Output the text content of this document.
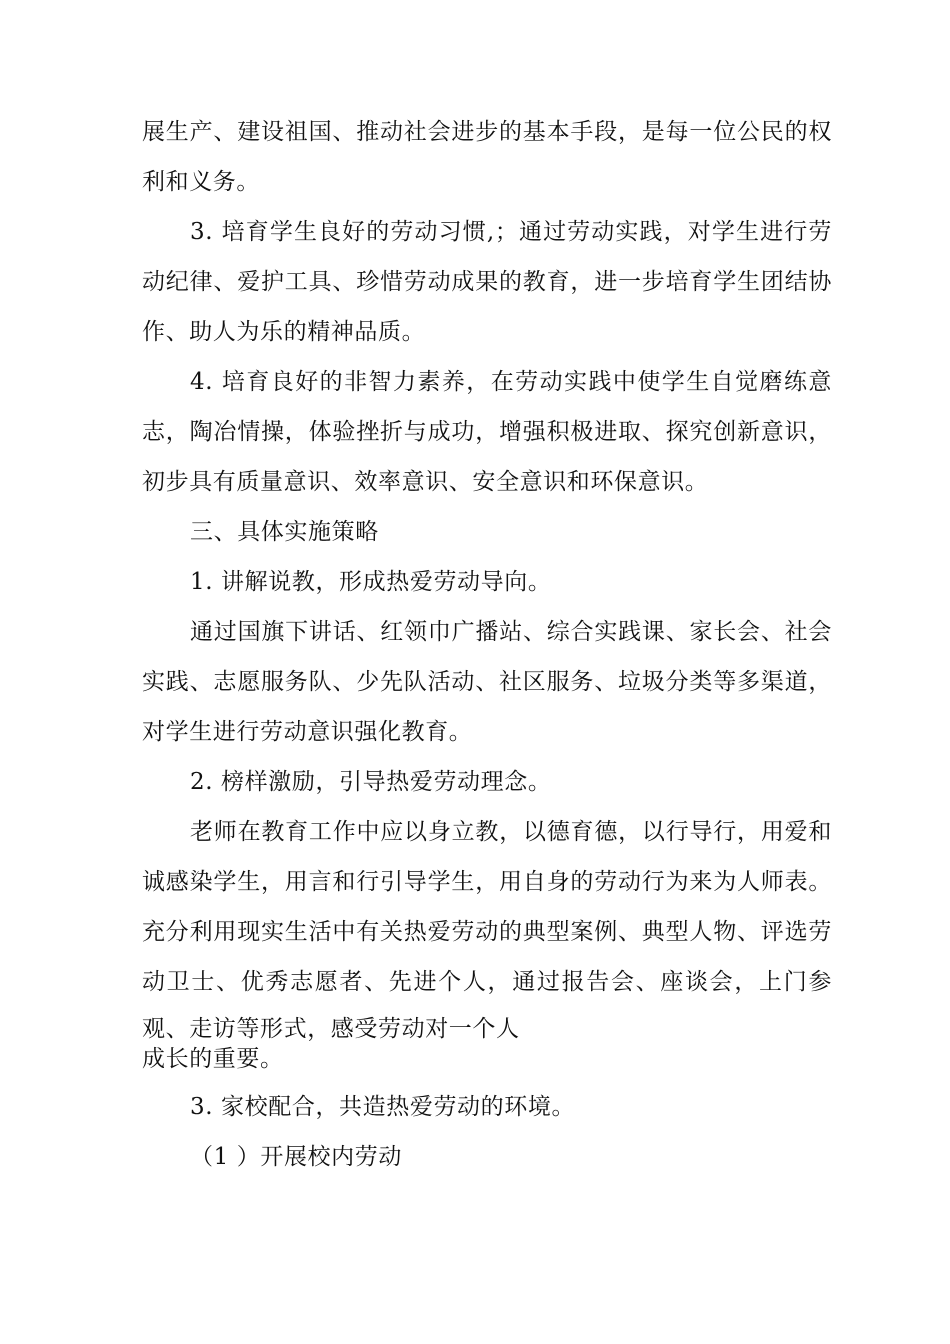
展生产、建设祖国、推动社会进步的基本手段，是每一位公民的权
利和义务。
3. 培育学生良好的劳动习惯,；通过劳动实践，对学生进行劳
动纪律、爱护工具、珍惜劳动成果的教育，进一步培育学生团结协
作、助人为乐的精神品质。
4. 培育良好的非智力素养，在劳动实践中使学生自觉磨练意
志，陶冶情操，体验挫折与成功，增强积极进取、探究创新意识，
初步具有质量意识、效率意识、安全意识和环保意识。
三、具体实施策略
1. 讲解说教，形成热爱劳动导向。
通过国旗下讲话、红领巾广播站、综合实践课、家长会、社会
实践、志愿服务队、少先队活动、社区服务、垃圾分类等多渠道，
对学生进行劳动意识强化教育。
2. 榜样激励，引导热爱劳动理念。
老师在教育工作中应以身立教，以德育德，以行导行，用爱和
诚感染学生，用言和行引导学生，用自身的劳动行为来为人师表。
充分利用现实生活中有关热爱劳动的典型案例、典型人物、评选劳
动卫士、优秀志愿者、先进个人，通过报告会、座谈会，上门参
观、走访等形式，感受劳动对一个人
成长的重要。
3. 家校配合，共造热爱劳动的环境。
（1 ）开展校内劳动
